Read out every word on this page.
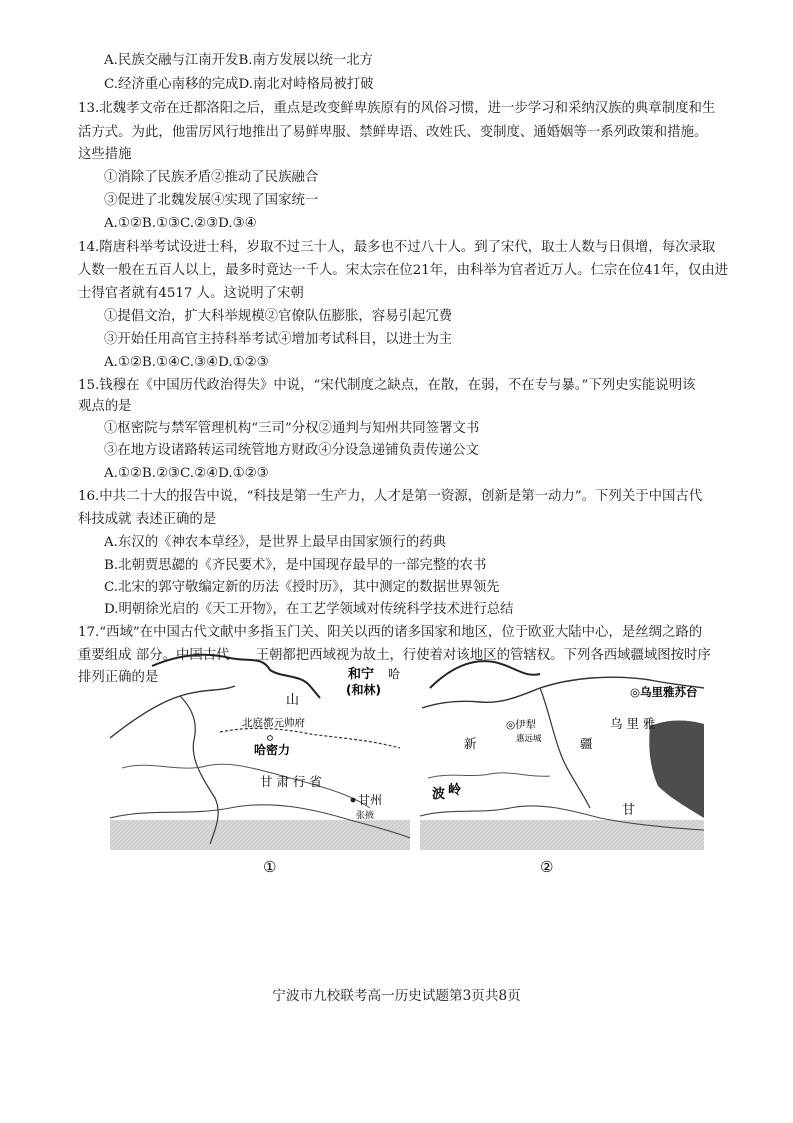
A.民族交融与江南开发B.南方发展以统一北方
C.经济重心南移的完成D.南北对峙格局被打破
13.北魏孝文帝在迁都洛阳之后，重点是改变鲜卑族原有的风俗习惯，进一步学习和采纳汉族的典章制度和生
活方式。为此，他雷厉风行地推出了易鲜卑服、禁鲜卑语、改姓氏、变制度、通婚姻等一系列政策和措施。
这些措施
①消除了民族矛盾②推动了民族融合
③促进了北魏发展④实现了国家统一
A.①②B.①③C.②③D.③④
14.隋唐科举考试设进士科，岁取不过三十人，最多也不过八十人。到了宋代，取士人数与日俱增，每次录取
人数一般在五百人以上，最多时竟达一千人。宋太宗在位21年，由科举为官者近万人。仁宗在位41年，仅由进
士得官者就有4517 人。这说明了宋朝
①提倡文治，扩大科举规模②官僚队伍膨胀，容易引起冗费
③开始任用高官主持科举考试④增加考试科目，以进士为主
A.①②B.①④C.③④D.①②③
15.钱穆在《中国历代政治得失》中说，“宋代制度之缺点，在散，在弱，不在专与暴。”下列史实能说明该
观点的是
①枢密院与禁军管理机构“三司”分权②通判与知州共同签署文书
③在地方设诸路转运司统管地方财政④分设急递铺负责传递公文
A.①②B.②③C.②④D.①②③
16.中共二十大的报告中说，“科技是第一生产力，人才是第一资源，创新是第一动力”。下列关于中国古代
科技成就 表述正确的是
A.东汉的《神农本草经》，是世界上最早由国家颁行的药典
B.北朝贾思勰的《齐民要术》，是中国现存最早的一部完整的农书
C.北宋的郭守敬编定新的历法《授时历》，其中测定的数据世界领先
D.明朝徐光启的《天工开物》，在工艺学领域对传统科学技术进行总结
17.“西域”在中国古代文献中多指玉门关、阳关以西的诸多国家和地区，位于欧亚大陆中心，是丝绸之路的
重要组成 部分。中国古代 王朝都把西域视为故土，行使着对该地区的管辖权。下列各西域疆域图按时序
排列正确的是
山
和宁
(和林)
哈
北庭都元帅府
哈密力
甘 肃 行 省
甘州
张掖
①
◎乌里雅苏台
乌 里 雅
◎伊犁
惠远城
新	疆
波 岭
甘
②
宁波市九校联考高一历史试题第3页共8页
